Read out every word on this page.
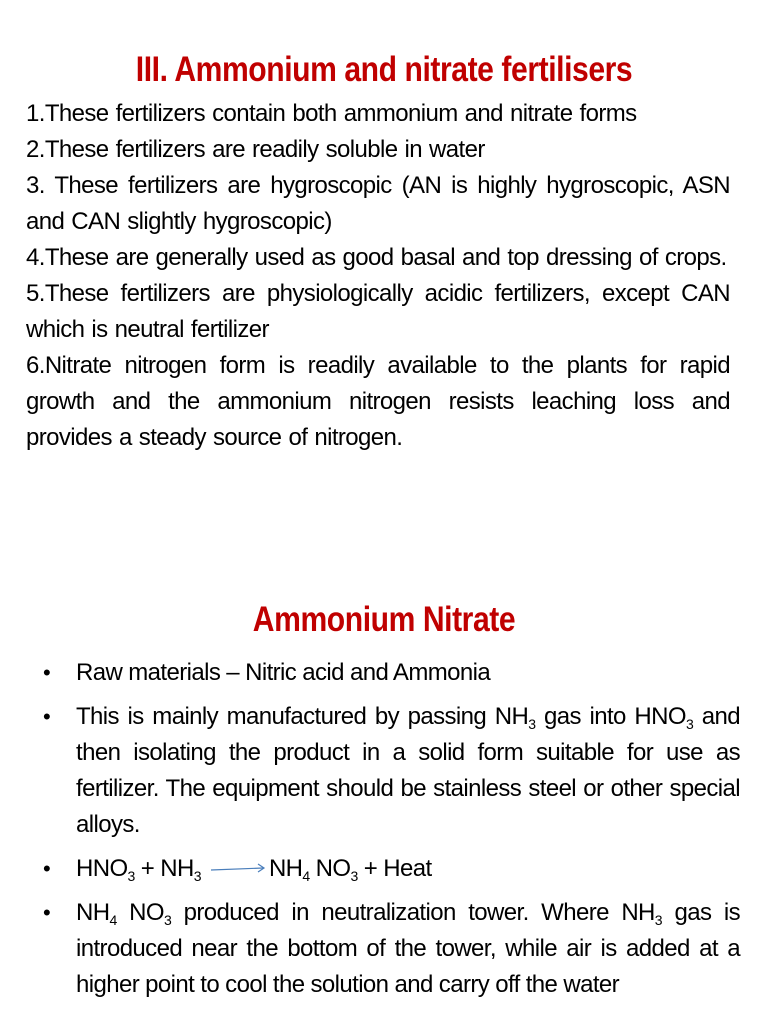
III. Ammonium and nitrate fertilisers

1.These fertilizers contain both ammonium and nitrate forms

2.These fertilizers are readily soluble in water

3. These fertilizers are hygroscopic (AN is highly hygroscopic, ASN and CAN slightly hygroscopic)

4.These are generally used as good basal and top dressing of crops.

5.These fertilizers are physiologically acidic fertilizers, except CAN which is neutral fertilizer

6.Nitrate nitrogen form is readily available to the plants for rapid growth and the ammonium nitrogen resists leaching loss and provides a steady source of nitrogen.

Ammonium Nitrate
• Raw materials – Nitric acid and Ammonia
• This is mainly manufactured by passing $NH_3$ gas into $HNO_3$ and then isolating the product in a solid form suitable for use as fertilizer. The equipment should be stainless steel or other special alloys.
• $HNO_3 + NH_3$	$NH_4$ $NO_3$ + Heat
• $NH_4$ $NO_3$ produced in neutralization tower. Where $NH_3$ gas is introduced near the bottom of the tower, while air is added at a higher point to cool the solution and carry off the water
